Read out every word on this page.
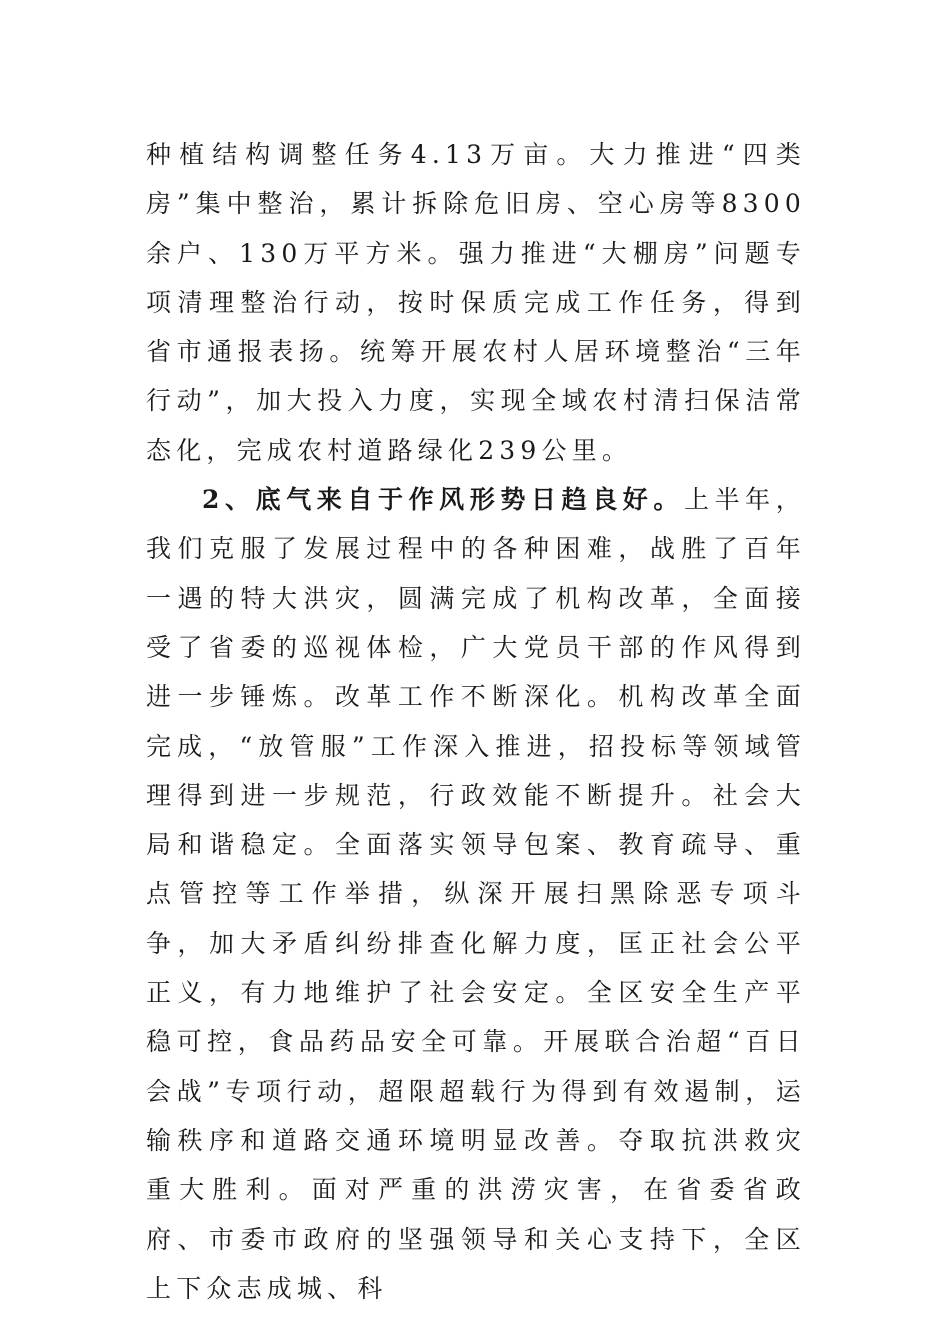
种植结构调整任务4.13万亩。大力推进“四类房”集中整治，累计拆除危旧房、空心房等8300余户、130万平方米。强力推进“大棚房”问题专项清理整治行动，按时保质完成工作任务，得到省市通报表扬。统筹开展农村人居环境整治“三年行动”，加大投入力度，实现全域农村清扫保洁常态化，完成农村道路绿化239公里。

2、底气来自于作风形势日趋良好。上半年，我们克服了发展过程中的各种困难，战胜了百年一遇的特大洪灾，圆满完成了机构改革，全面接受了省委的巡视体检，广大党员干部的作风得到进一步锤炼。改革工作不断深化。机构改革全面完成，“放管服”工作深入推进，招投标等领域管理得到进一步规范，行政效能不断提升。社会大局和谐稳定。全面落实领导包案、教育疏导、重点管控等工作举措，纵深开展扫黑除恶专项斗争，加大矛盾纠纷排查化解力度，匡正社会公平正义，有力地维护了社会安定。全区安全生产平稳可控，食品药品安全可靠。开展联合治超“百日会战”专项行动，超限超载行为得到有效遏制，运输秩序和道路交通环境明显改善。夺取抗洪救灾重大胜利。面对严重的洪涝灾害，在省委省政府、市委市政府的坚强领导和关心支持下，全区上下众志成城、科
